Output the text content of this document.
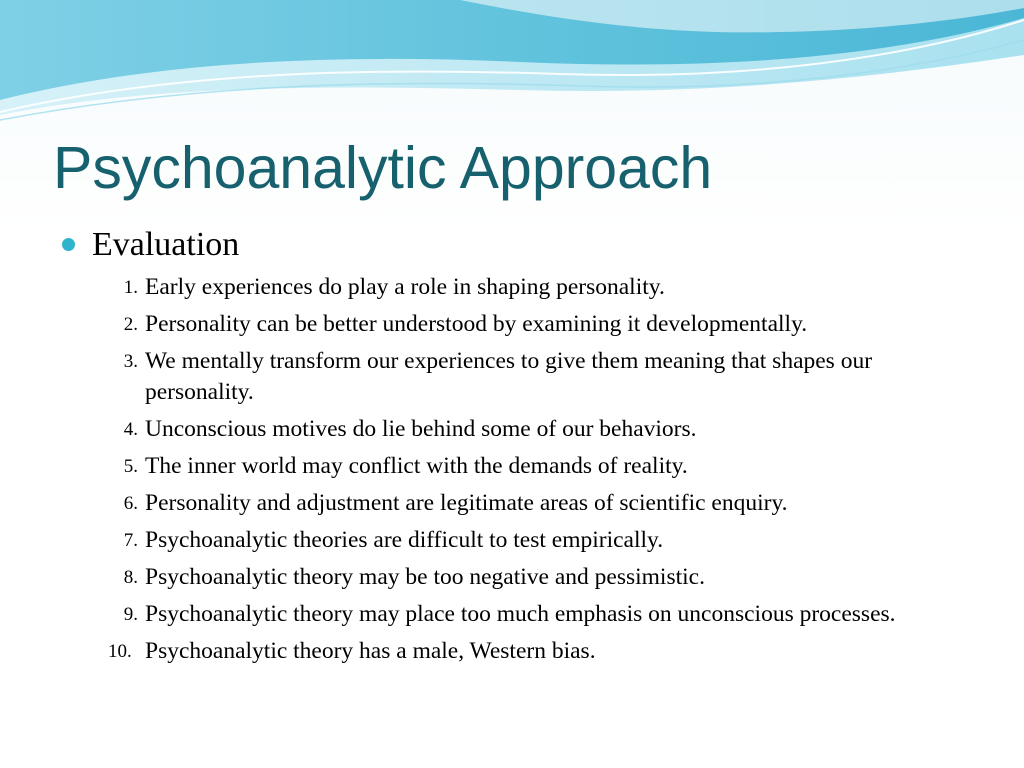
Psychoanalytic Approach
Evaluation
1. Early experiences do play a role in shaping personality.
2. Personality can be better understood by examining it developmentally.
3. We mentally transform our experiences to give them meaning that shapes our personality.
4. Unconscious motives do lie behind some of our behaviors.
5. The inner world may conflict with the demands of reality.
6. Personality and adjustment are legitimate areas of scientific enquiry.
7. Psychoanalytic theories are difficult to test empirically.
8. Psychoanalytic theory may be too negative and pessimistic.
9. Psychoanalytic theory may place too much emphasis on unconscious processes.
10. Psychoanalytic theory has a male, Western bias.
